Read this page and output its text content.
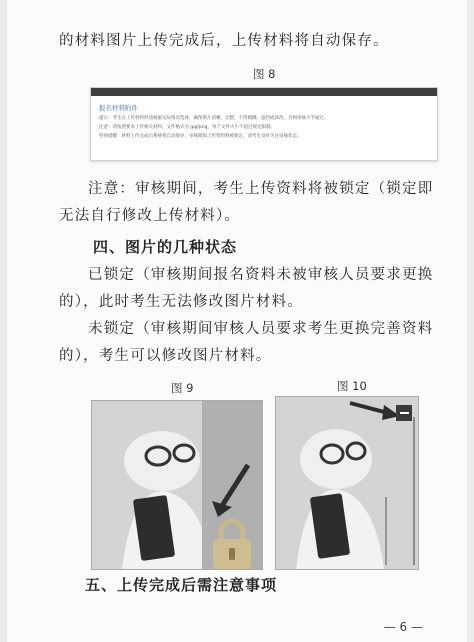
的材料图片上传完成后，上传材料将自动保存。
图 8
报名材料附件
提示：考生在上传材料时请根据实际情况选择，确保照片清晰、完整，不得模糊、遮挡或涂改，否则审核不予通过。
注意：请按照要求上传相关材料，文件格式为 jpg/png，单个文件大小不超过规定限制。
特别提醒：材料上传完成后系统将自动保存，审核期间上传资料将被锁定，请考生及时关注审核状态。
注意：审核期间，考生上传资料将被锁定（锁定即无法自行修改上传材料）。
四、图片的几种状态
已锁定（审核期间报名资料未被审核人员要求更换的），此时考生无法修改图片材料。
未锁定（审核期间审核人员要求考生更换完善资料的），考生可以修改图片材料。
图 9	图 10
五、上传完成后需注意事项
— 6 —
